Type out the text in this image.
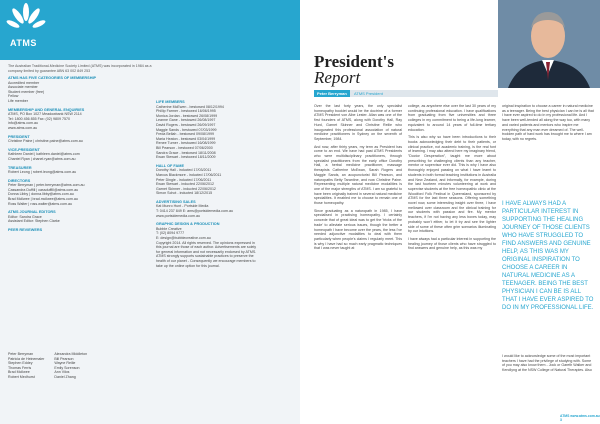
ATMS
The Australian Traditional-Medicine Society Limited (ATMS) was incorporated in 1984 as a company limited by guarantee ABN 63 002 849 253
ATMS HAS FIVE CATEGORIES OF MEMBERSHIP

Accredited member

Associate member

Student member (free)

Fellow

Life member

MEMBERSHIP AND GENERAL ENQUIRIES

ATMS, PO Box 1027 Meadowbank NSW 2114

Tel: 1800 456 855 Fax: (02) 9809 7570

info@atms.com.au

www.atms.com.au

PRESIDENT

Christine Paine | christine.paine@atms.com.au

VICE-PRESIDENT

Kathleen Daniel | kathleen.daniel@atms.com

Chantel Ryan | chanel.ryan@atms.com.au

TREASURER

Robert Leong | robert.leong@atms.com.au

DIRECTORS

Peter Berryman | peter.berryman@atms.com.au

Cassandra Duffill | cassduffill@atms.com.au

Donna Libby | donna.libby@atms.com.au

Brad Mcllwee | brad.mcilwee@atms.com.au

Ross Walter | ross.walter@atms.com.au

ATMS JOURNAL EDITORS

Editor: Sandra Grace

Assistant Editor: Stephen Clarke

PEER REVIEWERS

Peter Berryman

Patricia de Heinemaler

Stephen Eddey

Thomas Ferris

Brad McIlwee

Robert Medhurst

Alexandra Middleton

Bill Pearson

Wayne Reilie

Emily Sorenson

Ann Vilos

Daniel Zhang

LIFE MEMBERS

Catherine McEwen - bestowed 08/12/1994

Phillip Farmer - bestowed 16/06/1995

Monica Jordan - bestowed 26/08/1999

Leanne Gane - bestowed 26/08/1997

David Rogers - bestowed 26/09/1997

Maggie Sands - bestowed 07/03/1999

Freda Bellah - bestowed 09/08/1999

Maria Heaton - bestowed 03/04/1999

Renee Turner - bestowed 16/08/1999

Bill Pearson - bestowed 07/06/2000

Sandra Grace - bestowed 18/11/2008

Ewan Stewart - bestowed 18/11/2009

HALL OF FAME

Dorothy Hall - inducted 17/03/2011

Marcus Blackmore - inducted 17/06/2011

Peter Dingle - inducted 17/06/2011

Ewan Stewart - inducted 22/06/2012

Garnet Skinner - inducted 22/06/2012

Simon Schot - inducted 18/12/2015

ADVERTISING SALES

Kat Munro Hunt - Portside Media

T: 0414 237 849 E: ams@portsidemedia.com.au

www.portsidemedia.com.au

GRAPHIC DESIGN & PRODUCTION

Bubble Creative

T: (02) 8094 9777

E: design@bubblecreative.com.au

Copyright 2014. All rights reserved. The opinions expressed in

this journal are those of each author. Advertisements are solely

for general information and not necessarily endorsed by ATMS.

ATMS strongly supports sustainable practices to preserve the

health of our planet - Consequently we encourage members to

take up the online option for this journal.

President's
Report
Peter Berryman	ATMS President

Over the last forty years, the only specialist homeopathy booklet would be the doctrine of a former ATMS President von Albe Lester. Allan was one of the first founders of ATMS, along with Dorothy Hall, Ray Hurd, Garnet Skinner and Christine Reilie who inaugurated this professional association of natural medicine practitioners in Sydney on the seventh of September, 1984.

And now, after thirty years, my term as President has come to an end. We have had past ATMS Presidents who were multidisciplinary practitioners, through specialist practitioners from the early office Dorothy Hall, a herbal medicine practitioner, massage therapists Catherine McEwan, Sarah Rogers and Maggie Sands, an acupuncturist Bill Pearson, and naturopaths Betty Tarantine, and now Christine Paine. Representing multiple natural medicine modalities is one of the major strengths of ATMS. I am so grateful to have been originally trained in several natural medicine specialities. It enabled me to choose to remain one of those homeopathy.

Since graduating as a naturopath in 1985, I have specialised in practising homeopathy. I certainly concede that of great ideal was to get the 'tricks of the trade' to alleviate serious issues, though the better a homeopath I have become over the years, the less I've needed adjunctive modalities to deal with them particularly when people's claims I regularly meet. This is why I have had so much early pragmatic techniques that I was never taught at

college, as anywhere else over the last 30 years of my continuing professional education. I have qualifications from graduating from five universities and three colleges in my commitment to being a life-long learner, equivalent to around 14 years of full-time tertiary education.

This is also why so have been introductions to their books acknowledging their debt to their patients, or clinical practice, not academic training, is the real font of learning. I may also attend here my imaginary friend, "Doctor Desperation", taught me more about prescribing for challenging clients than any teacher, mentor or supervisor ever did. This is why I have also thoroughly enjoyed passing on what I have learnt to students in both formal teaching institutions in Australia and New Zealand, and informally, for example, during the last fourteen minutes volunteering at work and supervise students at the free homeopathic clinic at the Woodford Folk Festival in Queensland, sponsored by ATMS for the last three seasons. Offering something novel now, some interesting insight over three, I have mellowed over classroom and the clinical training for our students with passion and fire. My mentor teachers, if I'm not having any less boxes today, may probably won't either, to let it try and see the lighter side of some of these often grim scenarios illuminating by our intuitions.

I have always had a particular interest in supporting the healing journey of those clients who have struggled to find answers and genuine help, as this was my

original inspiration to choose a career in natural medicine as a teenager. Being the best physician I can be is all that I have ever aspired to do in my professional life. And I have been well-tended all along the way too, with many and varied patients and mentors who inspire me everything that any man ever dreamed of. The well-trodden path of hard work has brought me to where I am today, with no regrets.
I HAVE ALWAYS HAD A PARTICULAR INTEREST IN SUPPORTING THE HEALING JOURNEY OF THOSE CLIENTS WHO HAVE STRUGGLED TO FIND ANSWERS AND GENUINE HELP, AS THIS WAS MY ORIGINAL INSPIRATION TO CHOOSE A CAREER IN NATURAL MEDICINE AS A TEENAGER. BEING THE BEST PHYSICIAN I CAN BE IS ALL THAT I HAVE EVER ASPIRED TO DO IN MY PROFESSIONAL LIFE.
I would like to acknowledge some of the most important teachers I have had the privilege of studying with. Some of you may also know them - Jock or Gareth Walker and Kendlyng at the NSW College of Natural Therapies. Also
ATMS www.atms.com.au 3
